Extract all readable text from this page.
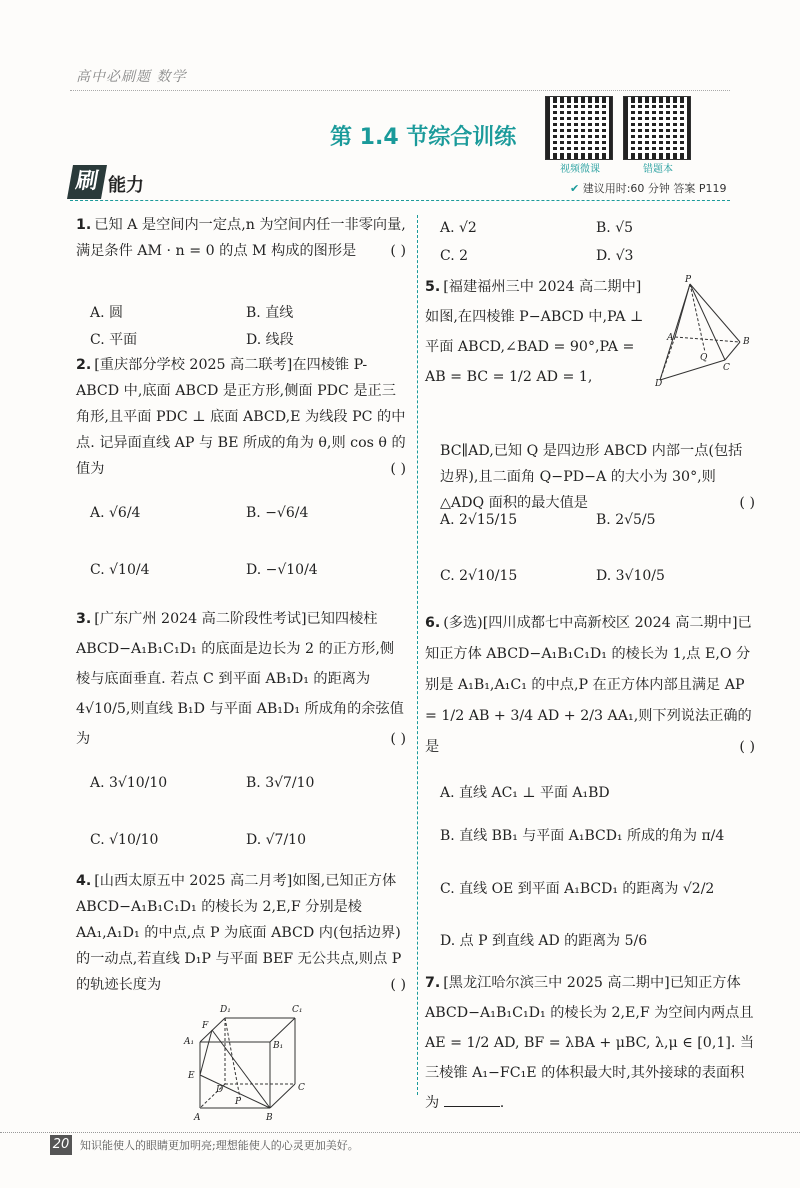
高中必刷题 数学
第 1.4 节综合训练
视频微课	错题本
刷 能力	✔ 建议用时:60 分钟 答案 P119
1. 已知 A 是空间内一定点,n 为空间内任一非零向量,满足条件 AM · n = 0 的点 M 构成的图形是 ( )
A. 圆	B. 直线
C. 平面	D. 线段
2. [重庆部分学校 2025 高二联考]在四棱锥 P-ABCD 中,底面 ABCD 是正方形,侧面 PDC 是正三角形,且平面 PDC ⊥ 底面 ABCD,E 为线段 PC 的中点. 记异面直线 AP 与 BE 所成的角为 θ,则 cos θ 的值为	( )
A. √6/4	B. −√6/4
C. √10/4	D. −√10/4
3. [广东广州 2024 高二阶段性考试]已知四棱柱 ABCD−A₁B₁C₁D₁ 的底面是边长为 2 的正方形,侧棱与底面垂直. 若点 C 到平面 AB₁D₁ 的距离为 4√10/5,则直线 B₁D 与平面 AB₁D₁ 所成角的余弦值为	( )
A. 3√10/10	B. 3√7/10
C. √10/10	D. √7/10
4. [山西太原五中 2025 高二月考]如图,已知正方体 ABCD−A₁B₁C₁D₁ 的棱长为 2,E,F 分别是棱 AA₁,A₁D₁ 的中点,点 P 为底面 ABCD 内(包括边界)的一动点,若直线 D₁P 与平面 BEF 无公共点,则点 P 的轨迹长度为	( )
D₁	C₁
F
A₁	B₁
E
D	C
P
A	B
A. √2	B. √5
C. 2	D. √3
5. [福建福州三中 2024 高二期中]如图,在四棱锥 P−ABCD 中,PA ⊥ 平面 ABCD,∠BAD = 90°,PA = AB = BC = 1/2 AD = 1,
P
A
Q
B
C
D
BC∥AD,已知 Q 是四边形 ABCD 内部一点(包括边界),且二面角 Q−PD−A 的大小为 30°,则 △ADQ 面积的最大值是	( )
A. 2√15/15	B. 2√5/5
C. 2√10/15	D. 3√10/5
6. (多选)[四川成都七中高新校区 2024 高二期中]已知正方体 ABCD−A₁B₁C₁D₁ 的棱长为 1,点 E,O 分别是 A₁B₁,A₁C₁ 的中点,P 在正方体内部且满足 AP = 1/2 AB + 3/4 AD + 2/3 AA₁,则下列说法正确的是	( )
A. 直线 AC₁ ⊥ 平面 A₁BD
B. 直线 BB₁ 与平面 A₁BCD₁ 所成的角为 π/4
C. 直线 OE 到平面 A₁BCD₁ 的距离为 √2/2
D. 点 P 到直线 AD 的距离为 5/6
7. [黑龙江哈尔滨三中 2025 高二期中]已知正方体 ABCD−A₁B₁C₁D₁ 的棱长为 2,E,F 为空间内两点且 AE = 1/2 AD, BF = λBA + μBC, λ,μ ∈ [0,1]. 当三棱锥 A₁−FC₁E 的体积最大时,其外接球的表面积为	.
20 知识能使人的眼睛更加明亮;理想能使人的心灵更加美好。
